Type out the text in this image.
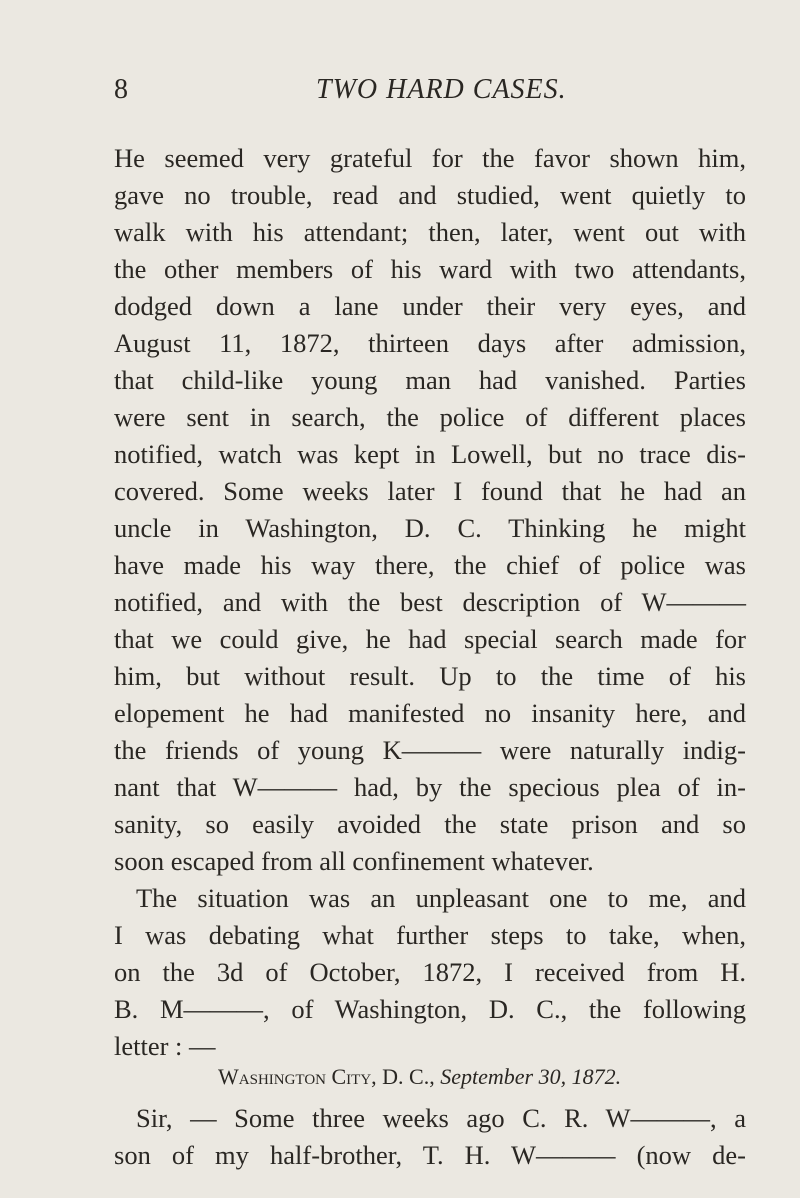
8	TWO HARD CASES.
He seemed very grateful for the favor shown him,
gave no trouble, read and studied, went quietly to
walk with his attendant; then, later, went out with
the other members of his ward with two attendants,
dodged down a lane under their very eyes, and
August 11, 1872, thirteen days after admission,
that child-like young man had vanished. Parties
were sent in search, the police of different places
notified, watch was kept in Lowell, but no trace dis-
covered. Some weeks later I found that he had an
uncle in Washington, D. C. Thinking he might
have made his way there, the chief of police was
notified, and with the best description of W———
that we could give, he had special search made for
him, but without result. Up to the time of his
elopement he had manifested no insanity here, and
the friends of young K——— were naturally indig-
nant that W——— had, by the specious plea of in-
sanity, so easily avoided the state prison and so
soon escaped from all confinement whatever.
The situation was an unpleasant one to me, and
I was debating what further steps to take, when,
on the 3d of October, 1872, I received from H.
B. M———, of Washington, D. C., the following
letter : —
Washington City, D. C., September 30, 1872.
Sir, — Some three weeks ago C. R. W———, a
son of my half-brother, T. H. W——— (now de-
